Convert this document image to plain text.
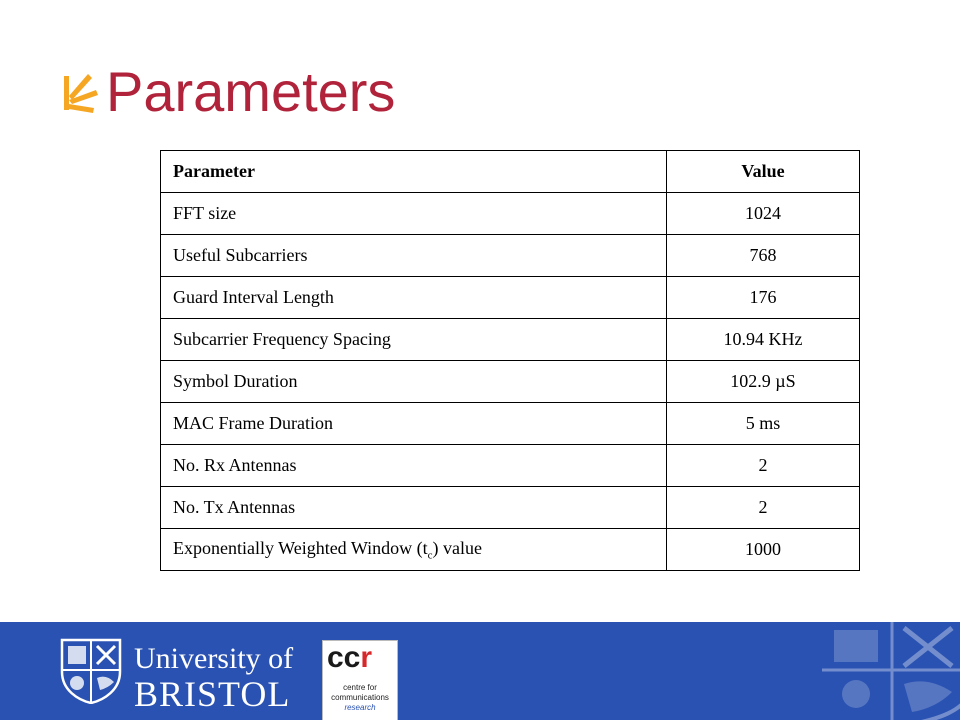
Parameters
Parameter	Value
FFT size	1024
Useful Subcarriers	768
Guard Interval Length	176
Subcarrier Frequency Spacing	10.94 KHz
Symbol Duration	102.9 µS
MAC Frame Duration	5 ms
No. Rx Antennas	2
No. Tx Antennas	2
Exponentially Weighted Window $(t_c)$ value	1000
University of
BRISTOL
ccr
centre for
communications
research
